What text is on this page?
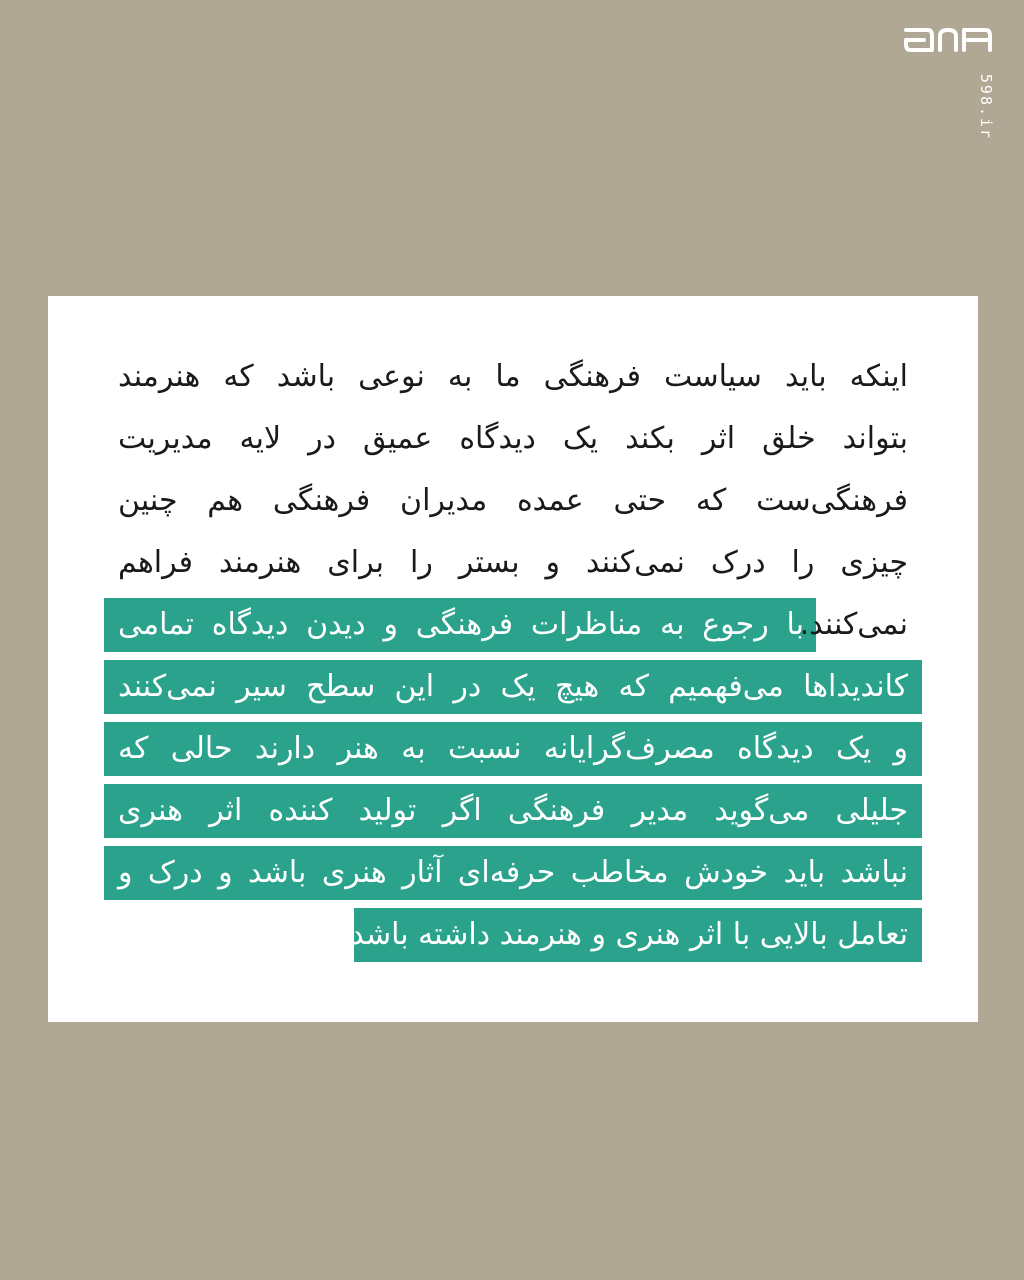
598.ir
اینکه باید سیاست فرهنگی ما به نوعی باشد که هنرمند
بتواند خلق اثر بکند یک دیدگاه عمیق در لایه مدیریت
فرهنگی‌ست که حتی عمده مدیران فرهنگی هم چنین
چیزی را درک نمی‌کنند و بستر را برای هنرمند فراهم
نمی‌کنند.
با رجوع به مناظرات فرهنگی و دیدن دیدگاه تمامی
کاندیداها می‌فهمیم که هیچ یک در این سطح سیر نمی‌کنند
و یک دیدگاه مصرف‌گرایانه نسبت به هنر دارند حالی که
جلیلی می‌گوید مدیر فرهنگی اگر تولید کننده اثر هنری
نباشد باید خودش مخاطب حرفه‌ای آثار هنری باشد و درک و
تعامل بالایی با اثر هنری و هنرمند داشته باشد.
